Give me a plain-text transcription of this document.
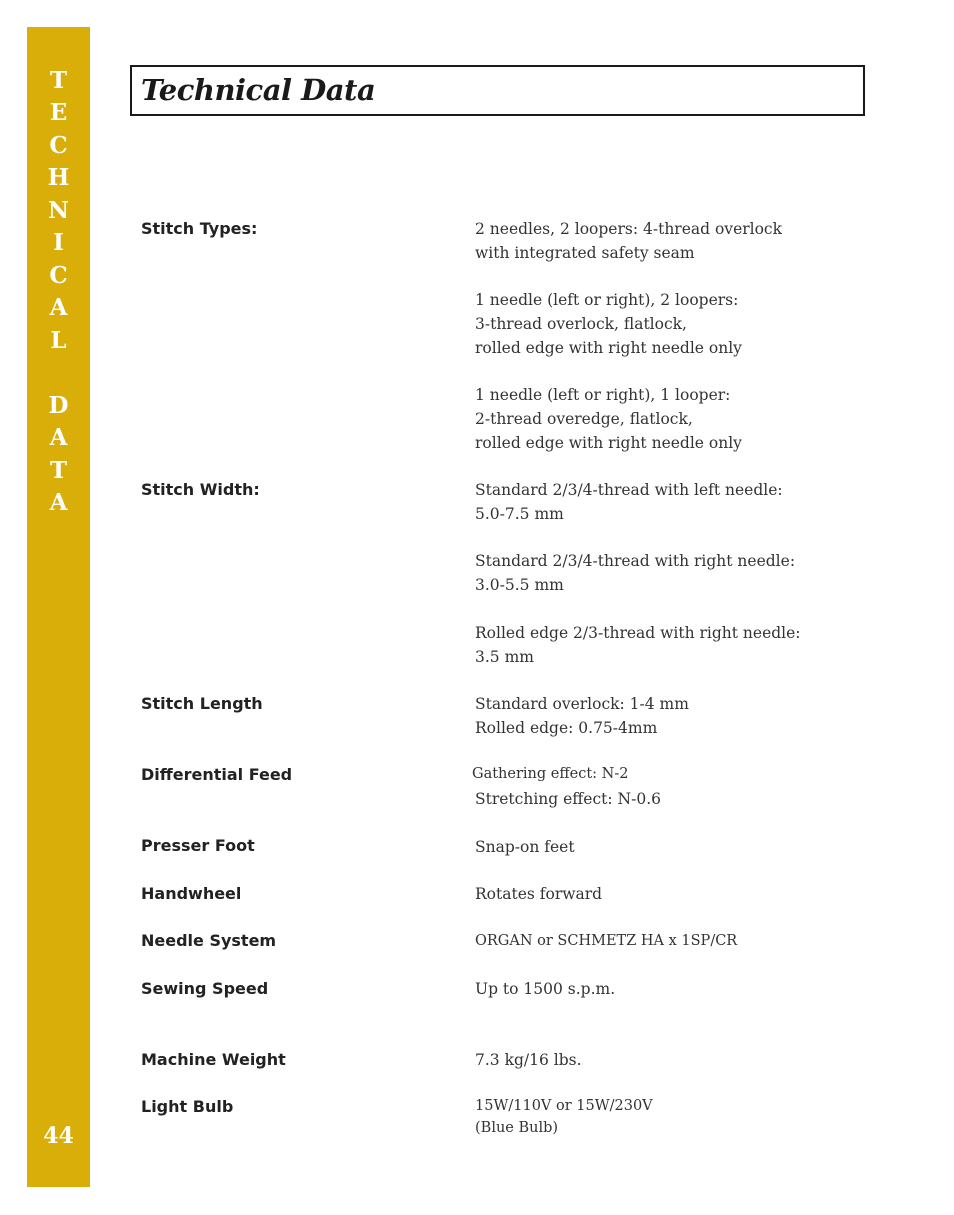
T
E
C
H
N
I
C
A
L
D
A
T
A
44
Technical Data
Stitch Types:	2 needles, 2 loopers: 4-thread overlock
with integrated safety seam
1 needle (left or right), 2 loopers:
3-thread overlock, flatlock,
rolled edge with right needle only
1 needle (left or right), 1 looper:
2-thread overedge, flatlock,
rolled edge with right needle only
Stitch Width:	Standard 2/3/4-thread with left needle:
5.0-7.5 mm
Standard 2/3/4-thread with right needle:
3.0-5.5 mm
Rolled edge 2/3-thread with right needle:
3.5 mm
Stitch Length	Standard overlock: 1-4 mm
Rolled edge: 0.75-4mm
Differential Feed	Gathering effect: N-2
Stretching effect: N-0.6
Presser Foot	Snap-on feet
Handwheel	Rotates forward
Needle System	ORGAN or SCHMETZ HA x 1SP/CR
Sewing Speed	Up to 1500 s.p.m.
Machine Weight	7.3 kg/16 lbs.
Light Bulb	15W/110V or 15W/230V
(Blue Bulb)
